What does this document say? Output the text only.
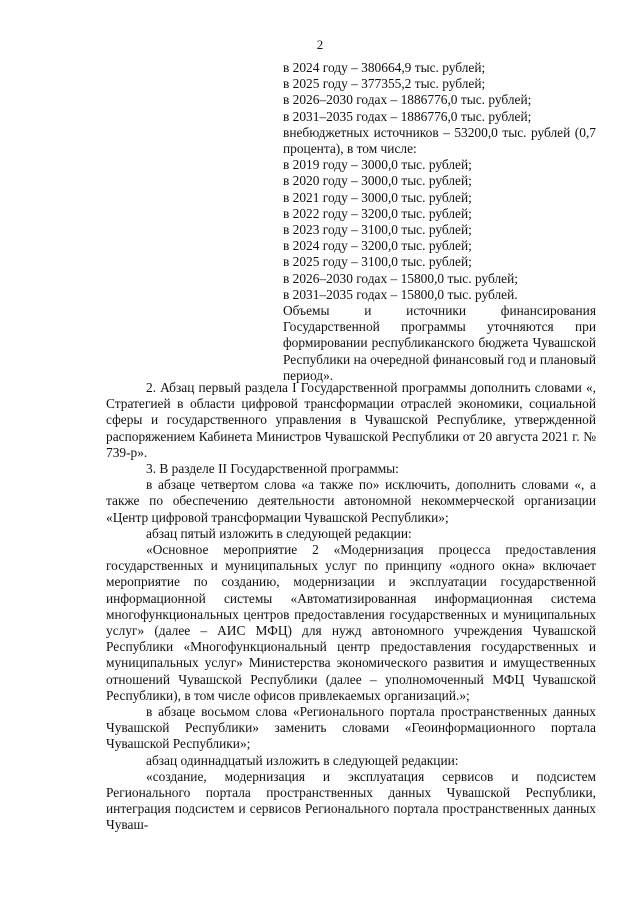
2
в 2024 году – 380664,9 тыс. рублей;
в 2025 году – 377355,2 тыс. рублей;
в 2026–2030 годах – 1886776,0 тыс. рублей;
в 2031–2035 годах – 1886776,0 тыс. рублей;
внебюджетных источников – 53200,0 тыс. рублей (0,7 процента), в том числе:
в 2019 году – 3000,0 тыс. рублей;
в 2020 году – 3000,0 тыс. рублей;
в 2021 году – 3000,0 тыс. рублей;
в 2022 году – 3200,0 тыс. рублей;
в 2023 году – 3100,0 тыс. рублей;
в 2024 году – 3200,0 тыс. рублей;
в 2025 году – 3100,0 тыс. рублей;
в 2026–2030 годах – 15800,0 тыс. рублей;
в 2031–2035 годах – 15800,0 тыс. рублей.
Объемы и источники финансирования Государственной программы уточняются при формировании республиканского бюджета Чувашской Республики на очередной финансовый год и плановый период».

2. Абзац первый раздела I Государственной программы дополнить словами «, Стратегией в области цифровой трансформации отраслей экономики, социальной сферы и государственного управления в Чувашской Республике, утвержденной распоряжением Кабинета Министров Чувашской Республики от 20 августа 2021 г. № 739-р».

3. В разделе II Государственной программы:

в абзаце четвертом слова «а также по» исключить, дополнить словами «, а также по обеспечению деятельности автономной некоммерческой организации «Центр цифровой трансформации Чувашской Республики»;

абзац пятый изложить в следующей редакции:

«Основное мероприятие 2 «Модернизация процесса предоставления государственных и муниципальных услуг по принципу «одного окна» включает мероприятие по созданию, модернизации и эксплуатации государственной информационной системы «Автоматизированная информационная система многофункциональных центров предоставления государственных и муниципальных услуг» (далее – АИС МФЦ) для нужд автономного учреждения Чувашской Республики «Многофункциональный центр предоставления государственных и муниципальных услуг» Министерства экономического развития и имущественных отношений Чувашской Республики (далее – уполномоченный МФЦ Чувашской Республики), в том числе офисов привлекаемых организаций.»;

в абзаце восьмом слова «Регионального портала пространственных данных Чувашской Республики» заменить словами «Геоинформационного портала Чувашской Республики»;

абзац одиннадцатый изложить в следующей редакции:

«создание, модернизация и эксплуатация сервисов и подсистем Регионального портала пространственных данных Чувашской Республики, интеграция подсистем и сервисов Регионального портала пространственных данных Чуваш-
